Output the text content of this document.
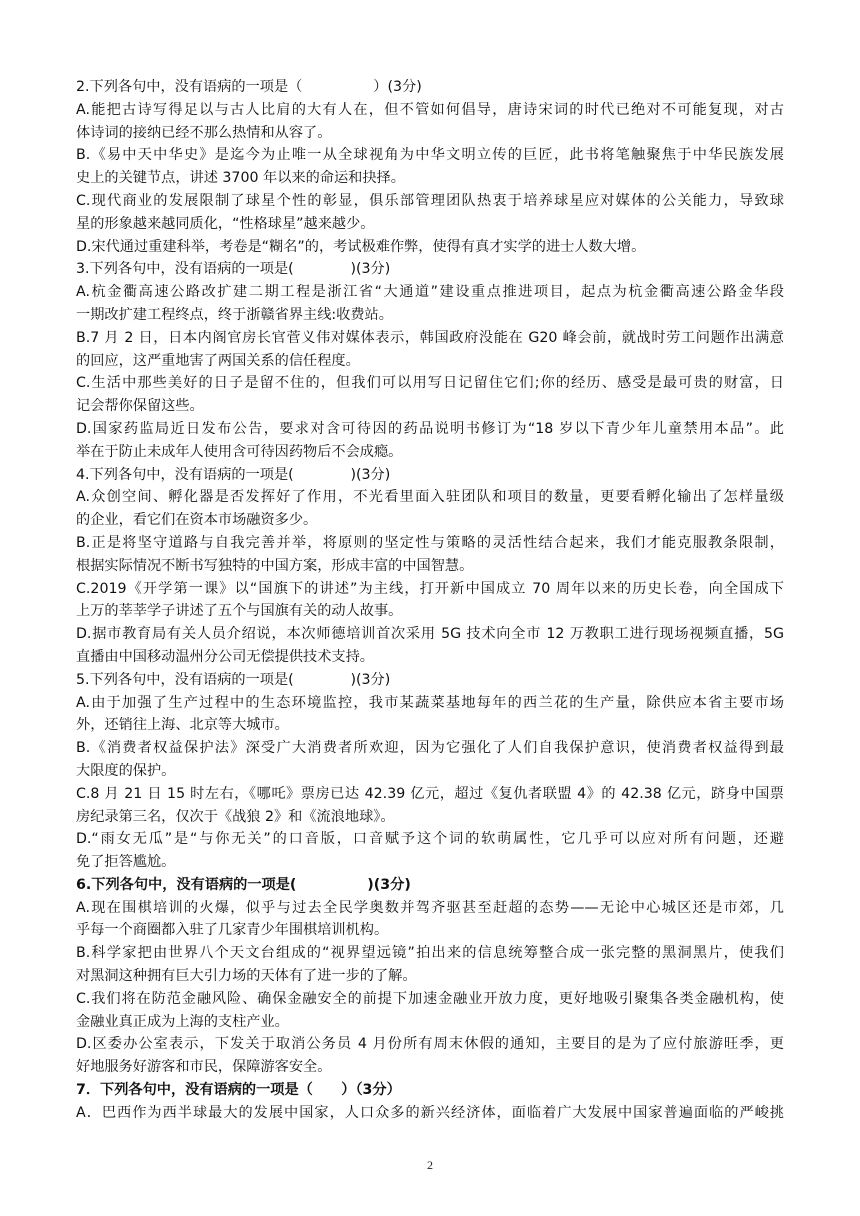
2.下列各句中，没有语病的一项是（　　　　　）(3分)
A.能把古诗写得足以与古人比肩的大有人在，但不管如何倡导，唐诗宋词的时代已绝对不可能复现，对古
体诗词的接纳已经不那么热情和从容了。
B.《易中天中华史》是迄今为止唯一从全球视角为中华文明立传的巨匠，此书将笔触聚焦于中华民族发展
史上的关键节点，讲述 3700 年以来的命运和抉择。
C.现代商业的发展限制了球星个性的彰显，俱乐部管理团队热衷于培养球星应对媒体的公关能力，导致球
星的形象越来越同质化，“性格球星”越来越少。
D.宋代通过重建科举，考卷是“糊名”的，考试极难作弊，使得有真才实学的进士人数大增。
3.下列各句中，没有语病的一项是(　　　　)(3分)
A.杭金衢高速公路改扩建二期工程是浙江省“大通道”建设重点推进项目，起点为杭金衢高速公路金华段
一期改扩建工程终点，终于浙赣省界主线:收费站。
B.7 月 2 日，日本内阁官房长官菅义伟对媒体表示，韩国政府没能在 G20 峰会前，就战时劳工问题作出满意
的回应，这严重地害了两国关系的信任程度。
C.生活中那些美好的日子是留不住的，但我们可以用写日记留住它们;你的经历、感受是最可贵的财富，日
记会帮你保留这些。
D.国家药监局近日发布公告，要求对含可待因的药品说明书修订为“18 岁以下青少年儿童禁用本品”。此
举在于防止未成年人使用含可待因药物后不会成瘾。
4.下列各句中，没有语病的一项是(　　　　)(3分)
A.众创空间、孵化器是否发挥好了作用，不光看里面入驻团队和项目的数量，更要看孵化输出了怎样量级
的企业，看它们在资本市场融资多少。
B.正是将坚守道路与自我完善并举，将原则的坚定性与策略的灵活性结合起来，我们才能克服教条限制，
根据实际情况不断书写独特的中国方案，形成丰富的中国智慧。
C.2019《开学第一课》以“国旗下的讲述”为主线，打开新中国成立 70 周年以来的历史长卷，向全国成下
上万的莘莘学子讲述了五个与国旗有关的动人故事。
D.据市教育局有关人员介绍说，本次师德培训首次采用 5G 技术向全市 12 万教职工进行现场视频直播，5G
直播由中国移动温州分公司无偿提供技术支持。
5.下列各句中，没有语病的一项是(　　　　)(3分)
A.由于加强了生产过程中的生态环境监控，我市某蔬菜基地每年的西兰花的生产量，除供应本省主要市场
外，还销往上海、北京等大城市。
B.《消费者权益保护法》深受广大消费者所欢迎，因为它强化了人们自我保护意识，使消费者权益得到最
大限度的保护。
C.8 月 21 日 15 时左右，《哪吒》票房已达 42.39 亿元，超过《复仇者联盟 4》的 42.38 亿元，跻身中国票
房纪录第三名，仅次于《战狼 2》和《流浪地球》。
D.“雨女无瓜”是“与你无关”的口音版，口音赋予这个词的软萌属性，它几乎可以应对所有问题，还避
免了拒答尴尬。
6.下列各句中，没有语病的一项是(　　　　　)(3分)
A.现在围棋培训的火爆，似乎与过去全民学奥数并驾齐驱甚至赶超的态势——无论中心城区还是市郊，几
乎每一个商圈都入驻了几家青少年围棋培训机构。
B.科学家把由世界八个天文台组成的“视界望远镜”拍出来的信息统筹整合成一张完整的黑洞黑片，使我们
对黑洞这种拥有巨大引力场的天体有了进一步的了解。
C.我们将在防范金融风险、确保金融安全的前提下加速金融业开放力度，更好地吸引聚集各类金融机构，使
金融业真正成为上海的支柱产业。
D.区委办公室表示，下发关于取消公务员 4 月份所有周末休假的通知，主要目的是为了应付旅游旺季，更
好地服务好游客和市民，保障游客安全。
7．下列各句中，没有语病的一项是（　　）（3分）
A．巴西作为西半球最大的发展中国家，人口众多的新兴经济体，面临着广大发展中国家普遍面临的严峻挑
2
